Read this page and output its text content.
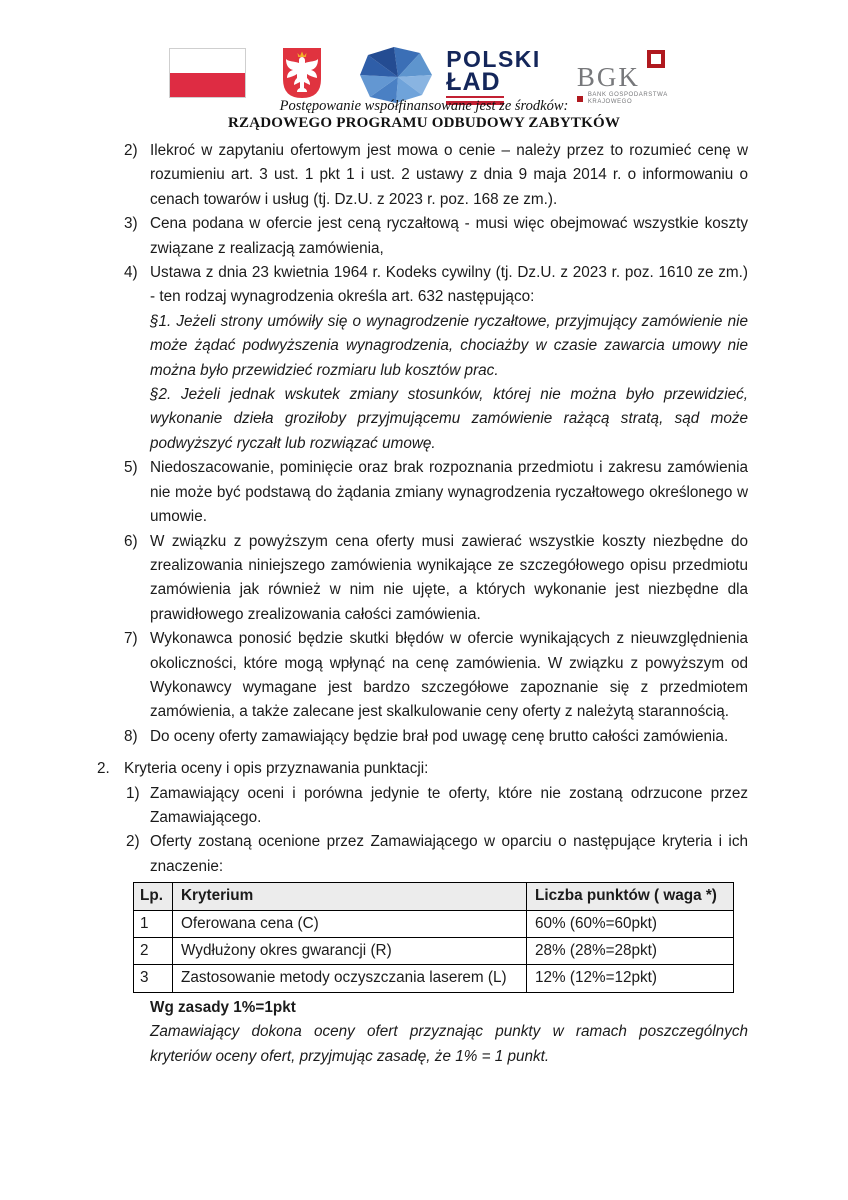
POLSKI
ŁAD	BGK
BANK GOSPODARSTWA
KRAJOWEGO
Postępowanie współfinansowane jest ze środków:
RZĄDOWEGO PROGRAMU ODBUDOWY ZABYTKÓW
2) Ilekroć w zapytaniu ofertowym jest mowa o cenie – należy przez to rozumieć cenę w rozumieniu art. 3 ust. 1 pkt 1 i ust. 2 ustawy z dnia 9 maja 2014 r. o informowaniu o cenach towarów i usług (tj. Dz.U. z 2023 r. poz. 168 ze zm.).
3) Cena podana w ofercie jest ceną ryczałtową - musi więc obejmować wszystkie koszty związane z realizacją zamówienia,
4) Ustawa z dnia 23 kwietnia 1964 r. Kodeks cywilny (tj. Dz.U. z 2023 r. poz. 1610 ze zm.) - ten rodzaj wynagrodzenia określa art. 632 następująco:
§1. Jeżeli strony umówiły się o wynagrodzenie ryczałtowe, przyjmujący zamówienie nie może żądać podwyższenia wynagrodzenia, chociażby w czasie zawarcia umowy nie można było przewidzieć rozmiaru lub kosztów prac.
§2. Jeżeli jednak wskutek zmiany stosunków, której nie można było przewidzieć, wykonanie dzieła groziłoby przyjmującemu zamówienie rażącą stratą, sąd może podwyższyć ryczałt lub rozwiązać umowę.
5) Niedoszacowanie, pominięcie oraz brak rozpoznania przedmiotu i zakresu zamówienia nie może być podstawą do żądania zmiany wynagrodzenia ryczałtowego określonego w umowie.
6) W związku z powyższym cena oferty musi zawierać wszystkie koszty niezbędne do zrealizowania niniejszego zamówienia wynikające ze szczegółowego opisu przedmiotu zamówienia jak również w nim nie ujęte, a których wykonanie jest niezbędne dla prawidłowego zrealizowania całości zamówienia.
7) Wykonawca ponosić będzie skutki błędów w ofercie wynikających z nieuwzględnienia okoliczności, które mogą wpłynąć na cenę zamówienia. W związku z powyższym od Wykonawcy wymagane jest bardzo szczegółowe zapoznanie się z przedmiotem zamówienia, a także zalecane jest skalkulowanie ceny oferty z należytą starannością.
8) Do oceny oferty zamawiający będzie brał pod uwagę cenę brutto całości zamówienia.
2. Kryteria oceny i opis przyznawania punktacji:
1) Zamawiający oceni i porówna jedynie te oferty, które nie zostaną odrzucone przez Zamawiającego.
2) Oferty zostaną ocenione przez Zamawiającego w oparciu o następujące kryteria i ich znaczenie:
Lp.	Kryterium	Liczba punktów ( waga *)
1	Oferowana cena (C)	60% (60%=60pkt)
2	Wydłużony okres gwarancji (R)	28% (28%=28pkt)
3	Zastosowanie metody oczyszczania laserem (L)	12% (12%=12pkt)
Wg zasady 1%=1pkt
Zamawiający dokona oceny ofert przyznając punkty w ramach poszczególnych kryteriów oceny ofert, przyjmując zasadę, że 1% = 1 punkt.
